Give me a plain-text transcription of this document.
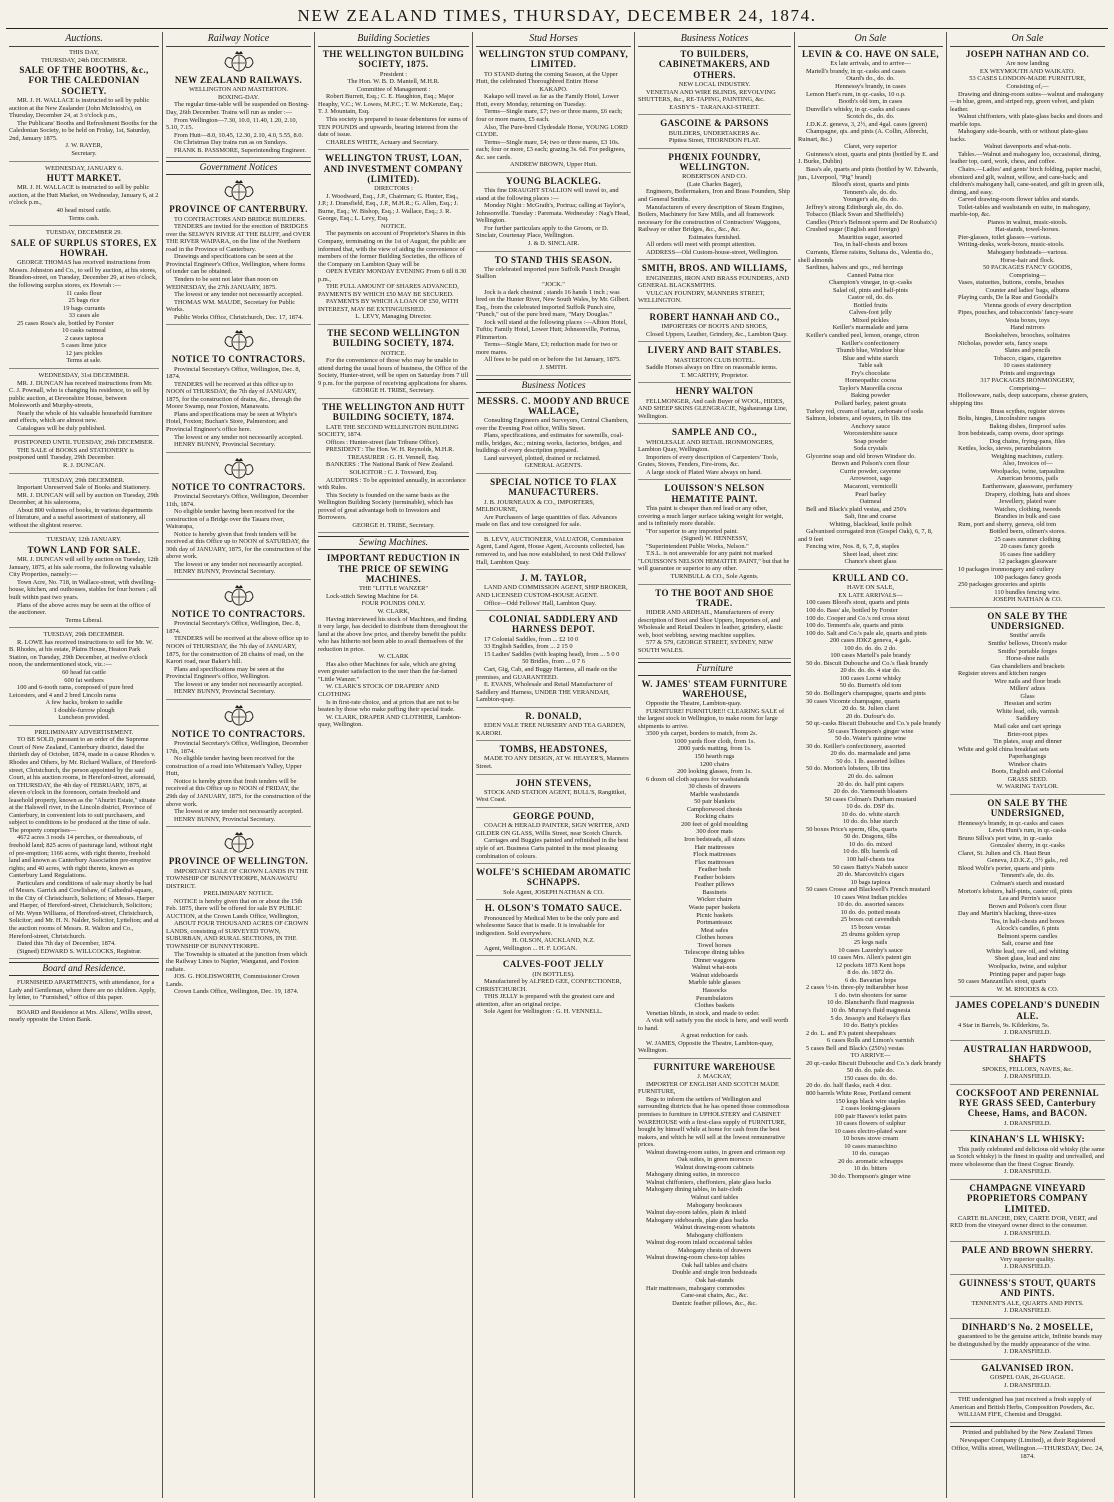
NEW ZEALAND TIMES, THURSDAY, DECEMBER 24, 1874.
Auctions.
THIS DAY,
THURSDAY, 24th DECEMBER.
SALE OF THE BOOTHS, &c., FOR THE CALEDONIAN SOCIETY.
MR. J. H. WALLACE is instructed to sell by public auction at the New Zealander (John McIntosh's), on Thursday, December 24, at 3 o'clock p.m.,
The Publicans' Booths and Refreshment Booths for the Caledonian Society, to be held on Friday, 1st, Saturday, 2nd, January 1875.
J. W. RAYER,
Secretary.
WEDNESDAY, JANUARY 6.
HUTT MARKET.
MR. J. H. WALLACE is instructed to sell by public auction, at the Hutt Market, on Wednesday, January 6, at 2 o'clock p.m.,
40 head mixed cattle.
Terms cash.
TUESDAY, DECEMBER 29.
SALE OF SURPLUS STORES, EX HOWRAH.
GEORGE THOMAS has received instructions from Messrs. Johnston and Co., to sell by auction, at his stores, Brandon-street, on Tuesday, December 29, at two o'clock, the following surplus stores, ex Howrah :—
11 casks flour
25 bags rice
19 bags currants
33 cases ale
25 cases Ross's ale, bottled by Forster
10 casks oatmeal
2 cases tapioca
5 cases lime juice
12 jars pickles
Terms at sale.
WEDNESDAY, 31st DECEMBER.
MR. J. DUNCAN has received instructions from Mr. C. J. Pownall, who is changing his residence, to sell by public auction, at Devonshire House, between Molesworth and Murphy-streets,
Nearly the whole of his valuable household furniture and effects, which are almost new.
Catalogues will be duly published.
POSTPONED UNTIL TUESDAY, 29th DECEMBER.
THE SALE of BOOKS and STATIONERY is postponed until Tuesday, 29th December.
R. J. DUNCAN.
TUESDAY, 29th DECEMBER.
Important Unreserved Sale of Books and Stationery.
MR. J. DUNCAN will sell by auction on Tuesday, 29th December, at his salerooms,
About 800 volumes of books, in various departments of literature, and a useful assortment of stationery, all without the slightest reserve.
TUESDAY, 12th JANUARY.
TOWN LAND FOR SALE.
MR. J. DUNCAN will sell by auction on Tuesday, 12th January, 1875, at his sale rooms, the following valuable City Properties, namely:—
Town Acre, No. 718, in Wallace-street, with dwelling-house, kitchen, and outhouses, stables for four horses ; all built within past two years.
Plans of the above acres may be seen at the office of the auctioneer.
Terms Liberal.
TUESDAY, 29th DECEMBER.
R. LOWE has received instructions to sell for Mr. W. B. Rhodes, at his estate, Plains House, Heaton Park Station, on Tuesday, 29th December, at twelve o'clock noon, the undermentioned stock, viz.:—
60 head fat cattle
600 fat wethers
100 and 6-tooth rams, composed of pure bred Leicesters, and 4 and 2 bred Lincoln rams
A few hacks, broken to saddle
1 double-furrow plough
Luncheon provided.
PRELIMINARY ADVERTISEMENT.
TO BE SOLD, pursuant to an order of the Supreme Court of New Zealand, Canterbury district, dated the thirtieth day of October, 1874, made in a cause Rhodes v. Rhodes and Others, by Mr. Richard Wallace, of Hereford-street, Christchurch, the person appointed by the said Court, at his auction rooms, in Hereford-street, aforesaid, on THURSDAY, the 4th day of FEBRUARY, 1875, at eleven o'clock in the forenoon, certain freehold and leasehold property, known as the "Ahuriri Estate," situate at the Halswell river, in the Lincoln district, Province of Canterbury, in convenient lots to suit purchasers, and subject to conditions to be produced at the time of sale. The property comprises—
4672 acres 3 roods 14 perches, or thereabouts, of freehold land; 825 acres of pasturage land, without right of pre-emption; 1166 acres, with right thereto, freehold land and known as Canterbury Association pre-emptive rights; and 40 acres, with right thereto, known as Canterbury Land Regulations.
Particulars and conditions of sale may shortly be had of Messrs. Garrick and Cowlishaw, of Cathedral-square, in the City of Christchurch, Solicitors; of Messrs. Harper and Harper, of Hereford-street, Christchurch, Solicitors; of Mr. Wynn Williams, of Hereford-street, Christchurch, Solicitor; and Mr. H. N. Nalder, Solicitor, Lyttelton; and at the auction rooms of Messrs. R. Walton and Co., Hereford-street, Christchurch.
Dated this 7th day of December, 1874.
(Signed) EDWARD S. WILLCOCKS, Registrar.
Board and Residence.
FURNISHED APARTMENTS, with attendance, for a Lady and Gentleman, where there are no children. Apply, by letter, to "Furnished," office of this paper.
BOARD and Residence at Mrs. Allens', Willis street, nearly opposite the Union Bank.
Railway Notice
NEW ZEALAND RAILWAYS.
WELLINGTON AND MASTERTON.
BOXING-DAY.
The regular time-table will be suspended on Boxing-Day, 26th December. Trains will run as under :—
From Wellington—7.30, 10.0, 11.40, 1.20, 2.10, 5.10, 7.15.
From Hutt—8.0, 10.45, 12.30, 2.10, 4.0, 5.55, 8.0.
On Christmas Day trains run as on Sundays.
FRANK B. PASSMORE, Superintending Engineer.
Government Notices
PROVINCE OF CANTERBURY.
TO CONTRACTORS AND BRIDGE BUILDERS.
TENDERS are invited for the erection of BRIDGES over the SELWYN RIVER AT THE BLUFF, and OVER THE RIVER WAIPARA, on the line of the Northern road in the Province of Canterbury.
Drawings and specifications can be seen at the Provincial Engineer's Office, Wellington, where forms of tender can be obtained.
Tenders to be sent not later than noon on WEDNESDAY, the 27th JANUARY, 1875.
The lowest or any tender not necessarily accepted.
THOMAS WM. MAUDE, Secretary for Public Works.
Public Works Office, Christchurch, Dec. 17, 1874.
NOTICE TO CONTRACTORS.
Provincial Secretary's Office, Wellington, Dec. 8, 1874.
TENDERS will be received at this office up to NOON of THURSDAY, the 7th day of JANUARY, 1875, for the construction of drains, &c., through the Moore Swamp, near Foxton, Manawatu.
Plans and specifications may be seen at Whyte's Hotel, Foxton; Buchan's Store, Palmerston; and Provincial Engineer's office here.
The lowest or any tender not necessarily accepted.
HENRY BUNNY, Provincial Secretary.
NOTICE TO CONTRACTORS.
Provincial Secretary's Office, Wellington, December 11th, 1874.
No eligible tender having been received for the construction of a Bridge over the Tauaru river, Wairarapa,
Notice is hereby given that fresh tenders will be received at this Office up to NOON of SATURDAY, the 30th day of JANUARY, 1875, for the construction of the above work.
The lowest or any tender not necessarily accepted.
HENRY BUNNY, Provincial Secretary.
NOTICE TO CONTRACTORS.
Provincial Secretary's Office, Wellington, Dec. 8, 1874.
TENDERS will be received at the above office up to NOON of THURSDAY, the 7th day of JANUARY, 1875, for the construction of 28 chains of road, on the Karori road, near Baker's hill.
Plans and specifications may be seen at the Provincial Engineer's office, Wellington.
The lowest or any tender not necessarily accepted.
HENRY BUNNY, Provincial Secretary.
NOTICE TO CONTRACTORS.
Provincial Secretary's Office, Wellington, December 17th, 1874.
No eligible tender having been received for the construction of a road into Whiteman's Valley, Upper Hutt,
Notice is hereby given that fresh tenders will be received at this Office up to NOON of FRIDAY, the 29th day of JANUARY, 1875, for the construction of the above work.
The lowest or any tender not necessarily accepted.
HENRY BUNNY, Provincial Secretary.
PROVINCE OF WELLINGTON.
IMPORTANT SALE OF CROWN LANDS IN THE TOWNSHIP OF BUNNYTHORPE, MANAWATU DISTRICT.
PRELIMINARY NOTICE.
NOTICE is hereby given that on or about the 15th Feb. 1875, there will be offered for sale BY PUBLIC AUCTION, at the Crown Lands Office, Wellington,
ABOUT FOUR THOUSAND ACRES OF CROWN LANDS, consisting of SURVEYED TOWN, SUBURBAN, AND RURAL SECTIONS, IN THE TOWNSHIP OF BUNNYTHORPE.
The Township is situated at the junction from which the Railway Lines to Napier, Wanganui, and Foxton radiate.
JOS. G. HOLDSWORTH, Commissioner Crown Lands.
Crown Lands Office, Wellington, Dec. 19, 1874.
Building Societies
THE WELLINGTON BUILDING SOCIETY, 1875.
President :
The Hon. W. B. D. Mantell, M.H.R.
Committee of Management :
Robert Burrett, Esq.; C. E. Haughton, Esq.; Major Heaphy, V.C.; W. Lowes, M.P.C.; T. W. McKenzie, Esq.; T. J. Mountain, Esq.
This society is prepared to issue debentures for sums of TEN POUNDS and upwards, bearing interest from the date of issue.
CHARLES WHITE, Actuary and Secretary.
WELLINGTON TRUST, LOAN, AND INVESTMENT COMPANY (LIMITED).
DIRECTORS :
J. Woodward, Esq., J.P., Chairman; G. Hunter, Esq., J.P.; J. Dransfield, Esq., J.P., M.H.R.; G. Allen, Esq.; J. Burne, Esq.; W. Bishop, Esq.; J. Wallace, Esq.; J. R. George, Esq.; L. Levy, Esq.
NOTICE.
The payments on account of Proprietor's Shares in this Company, terminating on the 1st of August, the public are informed that, with the view of aiding the convenience of members of the former Building Societies, the offices of the Company on Lambton Quay will be
OPEN EVERY MONDAY EVENING From 6 till 8.30 p.m.,
THE FULL AMOUNT OF SHARES ADVANCED, PAYMENTS BY WHICH £50 MAY BE SECURED.
PAYMENTS BY WHICH A LOAN OF £50, WITH INTEREST, MAY BE EXTINGUISHED.
L. LEVY, Managing Director.
THE SECOND WELLINGTON BUILDING SOCIETY, 1874.
NOTICE.
For the convenience of those who may be unable to attend during the usual hours of business, the Office of the Society, Hunter-street, will be open on Saturday from 7 till 9 p.m. for the purpose of receiving applications for shares.
GEORGE H. TRIBE, Secretary.
THE WELLINGTON AND HUTT BUILDING SOCIETY, 1874.
LATE THE SECOND WELLINGTON BUILDING SOCIETY, 1874.
Offices : Hunter-street (late Tribune Office).
PRESIDENT : The Hon. W. H. Reynolds, M.H.R.
TREASURER : G. H. Vennell, Esq.
BANKERS : The National Bank of New Zealand.
SOLICITOR : C. J. Toxward, Esq.
AUDITORS : To be appointed annually, in accordance with Rules.
This Society is founded on the same basis as the Wellington Building Society (terminable), which has proved of great advantage both to Investors and Borrowers.
GEORGE H. TRIBE, Secretary.
Sewing Machines.
IMPORTANT REDUCTION IN THE PRICE OF SEWING MACHINES.
THE "LITTLE WANZER"
Lock-stitch Sewing Machine for £4.
FOUR POUNDS ONLY.
W. CLARK,
Having interviewed his stock of Machines, and finding it very large, has decided to distribute them throughout the land at the above low price, and thereby benefit the public who has hitherto not been able to avail themselves of the reduction in price.
W. CLARK
Has also other Machines for sale, which are giving even greater satisfaction to the user than the far-famed "Little Wanzer."
W. CLARK'S STOCK OF DRAPERY AND CLOTHING
Is in first-rate choice, and at prices that are not to be beaten by those who make puffing their special trade.
W. CLARK, DRAPER AND CLOTHIER, Lambton-quay, Wellington.
Stud Horses
WELLINGTON STUD COMPANY, LIMITED.
TO STAND during the coming Season, at the Upper Hutt, the celebrated Thoroughbred Entire Horse
KAKAPO.
Kakapo will travel as far as the Family Hotel, Lower Hutt, every Monday, returning on Tuesday.
Terms—Single mare, £7; two or three mares, £6 each; four or more mares, £5 each.
Also, The Pure-bred Clydesdale Horse, YOUNG LORD CLYDE.
Terms—Single mare, £4; two or three mares, £3 10s. each; four or more, £3 each; grazing 3s. 6d. For pedigrees, &c. see cards.
ANDREW BROWN, Upper Hutt.
YOUNG BLACKLEG.
This fine DRAUGHT STALLION will travel to, and stand at the following places :—
Monday Night : McGrath's, Porirua; calling at Taylor's, Johnsonville. Tuesday : Paremata. Wednesday : Nag's Head, Wellington.
For further particulars apply to the Groom, or D. Sinclair, Courtenay Place, Wellington.
J. & D. SINCLAIR.
TO STAND THIS SEASON.
The celebrated imported pure Suffolk Punch Draught Stallion
"JOCK."
Jock is a dark chestnut ; stands 16 hands 1 inch ; was bred on the Hunter River, New South Wales, by Mr. Gilbert. Esq., from the celebrated imported Suffolk Punch sire, "Punch," out of the pure bred mare, "Mary Douglas."
Jock will stand at the following places :—Albion Hotel, Tuftis; Family Hotel, Lower Hutt; Johnsonville, Porirua, Plimmerton.
Terms—Single Mare, £3; reduction made for two or more mares.
All fees to be paid on or before the 1st January, 1875.
J. SMITH.
Business Notices
MESSRS. C. MOODY AND BRUCE WALLACE,
Consulting Engineers and Surveyors, Central Chambers, over the Evening Post office, Willis Street.
Plans, specifications, and estimates for sawmills, coal-mills, bridges, &c.; mining works, factories, bridges, and buildings of every description prepared.
Land surveyed, plotted, drained or reclaimed.
GENERAL AGENTS.
SPECIAL NOTICE TO FLAX MANUFACTURERS.
J. B. JOURNEAUX & CO., IMPORTERS, MELBOURNE,
Are Purchasers of large quantities of flax. Advances made on flax and tow consigned for sale.
B. LEVY, AUCTIONEER, VALUATOR, Commission Agent, Land Agent, House Agent, Accounts collected, has removed to, and has now established, to next Odd Fellows' Hall, Lambton Quay.
J. M. TAYLOR,
LAND AND COMMISSION AGENT, SHIP BROKER, AND LICENSED CUSTOM-HOUSE AGENT.
Office—Odd Fellows' Hall, Lambton Quay.
COLONIAL SADDLERY AND HARNESS DEPOT.
17 Colonial Saddles, from ... £2 10 0
33 English Saddles, from ... 2 15 0
15 Ladies' Saddles (with leaping head), from ... 5 0 0
50 Bridles, from ... 0 7 6
Cart, Gig, Cab, and Buggy Harness, all made on the premises, and GUARANTEED.
E. EVANS, Wholesale and Retail Manufacturer of Saddlery and Harness, UNDER THE VERANDAH, Lambton-quay.
R. DONALD,
EDEN VALE TREE NURSERY AND TEA GARDEN, KARORI.
TOMBS, HEADSTONES,
MADE TO ANY DESIGN, AT W. HEAYER'S, Manners Street.
JOHN STEVENS,
STOCK AND STATION AGENT, BULL'S, Rangitikei, West Coast.
GEORGE POUND,
COACH & HERALD PAINTER, SIGN WRITER, AND GILDER ON GLASS, Willis Street, near Scotch Church.
Carriages and Buggies painted and refinished in the best style of art. Business Carts painted in the most pleasing combination of colours.
WOLFE'S SCHIEDAM AROMATIC SCHNAPPS.
Sole Agent, JOSEPH NATHAN & CO.
H. OLSON'S TOMATO SAUCE.
Pronounced by Medical Men to be the only pure and wholesome Sauce that is made. It is invaluable for indigestion. Sold everywhere.
H. OLSON, AUCKLAND, N.Z.
Agent, Wellington ... H. F. LOGAN.
CALVES-FOOT JELLY
(IN BOTTLES).
Manufactured by ALFRED GEE, CONFECTIONER, CHRISTCHURCH.
THIS JELLY is prepared with the greatest care and attention, after an original recipe.
Sole Agent for Wellington : G. H. VENNELL.
Business Notices
TO BUILDERS, CABINETMAKERS, AND OTHERS.
NEW LOCAL INDUSTRY.
VENETIAN AND WIRE BLINDS, REVOLVING SHUTTERS, &c., RE-TAPING, PAINTING, &c.
EASBY'S - TARANAKI-STREET.
GASCOINE & PARSONS
BUILDERS, UNDERTAKERS &c.
Pipitea Street, THORNDON FLAT.
PHŒNIX FOUNDRY, WELLINGTON.
ROBERTSON AND CO.
(Late Charles Bager),
Engineers, Boilermakers, Iron and Brass Founders, Ship and General Smiths.
Manufacturers of every description of Steam Engines, Boilers, Machinery for Saw Mills, and all framework necessary for the construction of Contractors' Waggons, Railway or other Bridges, &c., &c., &c.
Estimates furnished.
All orders will meet with prompt attention.
ADDRESS—Old Custom-house-street, Wellington.
SMITH, BROS. AND WILLIAMS,
ENGINEERS, IRON AND BRASS FOUNDERS, AND GENERAL BLACKSMITHS.
VULCAN FOUNDRY, MANNERS STREET, WELLINGTON.
ROBERT HANNAH AND CO.,
IMPORTERS OF BOOTS AND SHOES,
Closed Uppers, Leather, Grindery, &c., Lambton Quay.
LIVERY AND BAIT STABLES.
MASTERTON CLUB HOTEL.
Saddle Horses always on Hire on reasonable terms.
T. MCARTHY, Proprietor.
HENRY WALTON
FELLMONGER, And cash Buyer of WOOL, HIDES, AND SHEEP SKINS GLENGRACIE, Ngahauranga Line, Wellington.
SAMPLE AND CO.,
WHOLESALE AND RETAIL IRONMONGERS, Lambton Quay, Wellington.
Importers of every description of Carpenters' Tools, Grates, Stoves, Fenders, Fire-irons, &c.
A large stock of Plated Ware always on hand.
LOUISSON'S NELSON HEMATITE PAINT.
This paint is cheaper than red lead or any other, covering a much larger surface taking weight for weight, and is infinitely more durable.
"For superior to any imported paint.
(Signed) W. HENNESSY,
"Superintendent Public Works, Nelson."
T.S.L. is not answerable for any paint not marked "LOUISSON'S NELSON HEMATITE PAINT," but that he will guarantee or superior to any other.
TURNBULL & CO., Sole Agents.
TO THE BOOT AND SHOE TRADE.
HIDER AND ARDHAIL, Manufacturers of every description of Boot and Shoe Uppers, Importers of, and Wholesale and Retail Dealers in leather, grindery, elastic web, boot webbing, sewing machine supplies.
577 & 579, GEORGE STREET, SYDNEY, NEW SOUTH WALES.
Furniture
W. JAMES' STEAM FURNITURE WAREHOUSE,
Opposite the Theatre, Lambton-quay.
FURNITURE! FURNITURE!! CLEARING SALE of the largest stock in Wellington, to make room for large shipments to arrive.
3500 yds carpet, borders to match, from 2s.
1000 yards floor cloth, from 1s.
2000 yards matting, from 1s.
150 hearth rugs
1200 chairs
200 looking glasses, from 1s.
6 dozen oil cloth squares for washstands
30 chests of drawers
Marble washstands
50 pair blankets
Camphorwood chests
Rocking chairs
200 feet of gold moulding
300 door mats
Iron bedsteads, all sizes
Hair mattresses
Flock mattresses
Flax mattresses
Feather beds
Feather bolsters
Feather pillows
Bassinets
Wicker chairs
Waste paper baskets
Picnic baskets
Portmanteaux
Meat safes
Clothes horses
Towel horses
Telescope dining tables
Dinner waggons
Walnut what-nots
Walnut sideboards
Marble table glasses
Hassocks
Perambulators
Clothes baskets
Venetian blinds, in stock, and made to order.
A visit will satisfy you the stock is here, and well worth to hand.
A great reduction for cash.
W. JAMES, Opposite the Theatre, Lambton-quay, Wellington.
FURNITURE WAREHOUSE
J. MACKAY,
IMPORTER OF ENGLISH AND SCOTCH MADE FURNITURE,
Begs to inform the settlers of Wellington and surrounding districts that he has opened those commodious premises to furniture in UPHOLSTERY and CABINET WAREHOUSE with a first-class supply of FURNITURE, bought by himself while at home for cash from the best makers, and which he will sell at the lowest remunerative prices.
Walnut drawing-room suites, in green and crimson rep
Oak suites, in green morocco
Walnut drawing-room cabinets
Mahogany dining suites, in morocco
Walnut chiffoniers, cheffoniers, plate glass backs
Mahogany dining tables, in hair-cloth
Walnut card tables
Mahogany bookcases
Walnut day-room tables, plain & inlaid
Mahogany sideboards, plate glass backs
Walnut drawing-room whatnots
Mahogany chiffoniers
Walnut dog-room inlaid occasional tables
Mahogany chests of drawers
Walnut drawing-room chess-top tables
Oak hall tables and chairs
Double and single iron bedsteads
Oak hat-stands
Hair mattresses, mahogany commodes
Cane-seat chairs, &c., &c.
Dantzic feather pillows, &c., &c.
On Sale
LEVIN & CO. HAVE ON SALE,
Ex late arrivals, and to arrive—
Martell's brandy, in qr.-casks and cases
Otard's do., do. do.
Hennessy's brandy, in cases
Lemon Hart's rum, in qr.-casks, 10 o.p.
Booth's old tom, in cases
Dunville's whisky, in qr.-casks and cases
Scotch do., do. do.
J.D.K.Z. geneva, 3, 2½, and 4gal. cases (green)
Champagne, qts. and pints (A. Collin, Albrecht, Ruinart, &c.)
Claret, very superior
Guinness's stout, quarts and pints (bottled by E. and J. Burke, Dublin)
Bass's ale, quarts and pints (bottled by W. Edwards, jun., Liverpool, "Pig" brand)
Blood's stout, quarts and pints
Tennent's ale, do. do.
Younger's ale, do. do.
Jeffrey's strong Edinburgh ale, do. do.
Tobacco (Black Swan and Sheffield's)
Candles (Price's Belmont sperm and De Roubaix's)
Crushed sugar (English and foreign)
Mauritius sugar, assorted
Tea, in half-chests and boxes
Currants, Eleme raisins, Sultana do., Valentia do., shell almonds
Sardines, halves and qrs., red herrings
Canned Patna rice
Champion's vinegar, in qr.-casks
Salad oil, pints and half-pints
Castor oil, do. do.
Bottled fruits
Calves-foot jelly
Mixed pickles
Keiller's marmalade and jams
Keiller's candied peel, lemon, orange, citron
Keiller's confectionery
Thumb blue, Windsor blue
Blue and white starch
Table salt
Fry's chocolate
Homeopathic cocoa
Taylor's Maravilla cocoa
Baking powder
Pollard barley, patent groats
Turkey red, cream of tartar, carbonate of soda
Salmon, lobsters, and oysters, in 1lb. tins
Anchovy sauce
Worcestershire sauce
Soap powder
Soda crystals
Glycerine soap and old brown Windsor do.
Brown and Polson's corn flour
Currie powder, cayenne
Arrowroot, sago
Macaroni, vermicelli
Pearl barley
Oatmeal
Bell and Black's plaid vestas, and 250's
Salt, fine and coarse
Whiting, blacklead, knife polish
Galvanised corrugated iron (Gospel Oak), 6, 7, 8, and 9 feet
Fencing wire, Nos. 8, 6, 7, 8, staples
Sheet lead, sheet zinc
Chance's sheet glass
KRULL AND CO.
HAVE ON SALE,
EX LATE ARRIVALS—
100 cases Blood's stout, quarts and pints
100 do. Bass' ale, bottled by Forster
100 do. Cooper and Co.'s red cross stout
100 do. Tennent's ale, quarts and pints
100 do. Salt and Co.'s pale ale, quarts and pints
200 cases JDKZ geneva, 4 gals.
100 do. do. do. 2 do.
100 cases Martell's pale brandy
50 do. Biscuit Dubouche and Co.'s flask brandy
20 do. do. do. 4 star do.
100 cases Lorne whisky
50 do. Burnett's old tom
50 do. Bollinger's champagne, quarts and pints
30 cases Vicomte champagne, quarts
20 do. St. Julien claret
20 do. Dufour's do.
50 qr.-casks Biscuit Dubouche and Co.'s pale brandy
50 cases Thompson's ginger wine
50 do. Water's quinine wine
30 do. Keiller's confectionery, assorted
20 do. do. marmalade and jams
50 do. 1 lb. assorted lollies
50 do. Morton's lobsters, 1lb tins
20 do. do. salmon
20 do. do. half pint capers
20 do. do. Yarmouth bloaters
50 cases Colman's Durham mustard
10 do. do. DSF do.
10 do. do. white starch
10 do. do. blue starch
50 boxes Price's sperm, 6lbs, quarts
50 do. Dragons, 6lbs
10 do. do. mixed
10 do. 8lb. barrels oil
100 half-chests tea
50 cases Batty's Nabob sauce
20 do. Marcovitch's cigars
10 bags tapioca
50 cases Crosse and Blackwell's French mustard
10 cases West Indian pickles
10 do. do. assorted sauces
10 do. do. potted meats
25 boxes cut cavendish
15 boxes vestas
25 drums golden syrup
25 kegs nails
10 cases Lazenby's sauce
10 cases Mrs. Allen's patent gin
12 pockets 1873 Kent hops
8 do. do. 1872 do.
6 do. Bavarian hops
2 cases ½-in. three-ply indiarubber hose
1 do. twin shooters for same
10 do. Blanchard's fluid magnesia
10 do. Murray's fluid magnesia
5 do. Jessop's and Kelsey's flax
10 do. Batty's pickles
2 do. L. and P.'s patent sheepshears
6 cases Rolls and Limon's varnish
5 cases Bell and Black's (250's) vestas
TO ARRIVE—
20 qr.-casks Biscuit Dubouche and Co.'s dark brandy
50 do. do. pale do.
150 cases do. do. do.
20 do. do. half flasks, each 4 doz.
800 barrels White Rose, Portland cement
150 kegs black wire staples
2 cases looking-glasses
100 pair Hawes's toilet pairs
10 cases flowers of sulphur
10 cases electro-plated ware
10 boxes stove cream
10 cases maraschino
10 do. curaçao
20 do. aromatic schnapps
10 do. bitters
30 do. Thompson's ginger wine
On Sale
JOSEPH NATHAN AND CO.
Are now landing
EX WEYMOUTH AND WAIKATO.
53 CASES LONDON-MADE FURNITURE,
Consisting of,—
Drawing and dining-room suites—walnut and mahogany—in blue, green, and striped rep, green velvet, and plain leather.
Walnut chiffoniers, with plate-glass backs and doors and marble tops.
Mahogany side-boards, with or without plate-glass backs.
Walnut davenports and what-nots.
Tables.—Walnut and mahogany loo, occasional, dining, leather top, card, work, chess, and coffee.
Chairs.—Ladies' and gents' birch folding, papier maché, ebonized and gilt, walnut, willow, and cane-back; and children's mahogany hall, cane-seated, and gilt in green silk, dining, and easy.
Carved drawing-room flower tables and stands.
Toilet-tables and washstands en suite, in mahogany, marble-top, &c.
Pianos in walnut, music-stools.
Hat-stands, towel-horses.
Pier-glasses, toilet glasses—various.
Writing-desks, work-boxes, music-stools.
Mahogany bedsteads—various.
Horse-hair and flock.
50 PACKAGES FANCY GOODS,
Comprising—
Vases, statuettes, buttons, combs, brushes
Counter and ladies' bags, albums
Playing cards, De la Rue and Goodall's
Vienna goods of every description
Pipes, pouches, and tobacconists' fancy-ware
Vesta boxes, toys
Hand mirrors
Bookshelves, brooches, solitaires
Nicholas, powder sets, fancy soaps
Slates and pencils
Tobacco, cigars, cigarettes
10 cases stationery
Prints and engravings
317 PACKAGES IRONMONGERY,
Comprising—
Hollowware, nails, deep saucepans, cheese graters, shipping tins
Brass scythes, register stoves
Bolts, hinges, Lincolnshire ranges
Baking dishes, fireproof safes
Iron bedsteads, camp ovens, door springs
Dog chains, frying-pans, files
Kettles, locks, sieves, perambulators
Weighing machines, cutlery.
Also, Invoices of—
Woolpacks, twine, tarpaulins
American brooms, pails
Earthenware, glassware, perfumery
Drapery, clothing, hats and shoes
Jewellery, plated ware
Watches, clothing, tweeds
Brandies in bulk and case
Rum, port and sherry, geneva, old tom
Bottled beers, oilmen's stores.
25 cases summer clothing
20 cases fancy goods
16 cases fine saddlery
12 packages glassware
10 packages ironmongery and cutlery
100 packages fancy goods
250 packages groceries and spirits
110 bundles fencing wire.
JOSEPH NATHAN & CO.
ON SALE BY THE UNDERSIGNED.
Smiths' anvils
Smiths' bellows, Dixon's make
Smiths' portable forges
Horse-shoe nails
Gas chandeliers and brackets
Register stoves and kitchen ranges
Wire nails and floor brads
Millers' adzes
Glass
Hessian and scrim
White lead, oils, varnish
Saddlery
Mail cake and cart springs
Brier-root pipes
Tin plates, soap and dinner
White and gold china breakfast sets
Paperhangings
Windsor chairs
Boots, English and Colonial
GRASS SEED.
W. WARING TAYLOR.
ON SALE BY THE UNDERSIGNED,
Hennessy's brandy, in qr.-casks and cases
Lewis Hunt's rum, in qr.-casks
Bruno Sillva's port wine, in qr.-casks
Gonzales' sherry, in qr.-casks
Claret, St. Julien and Ch. Haut Brun
Geneva, J.D.K.Z., 3½ gals., red
Blood Wolfe's porter, quarts and pints
Tennent's ale, do. do.
Colman's starch and mustard
Morton's lobsters, half-pints, castor oil, pints
Lea and Perrin's sauce
Brown and Polson's corn flour
Day and Martin's blacking, three-sizes
Tea, in half-chests and boxes
Alcock's candles, 6 pints
Belmont sperm candles
Salt, coarse and fine
White lead, raw oil, and whiting
Sheet glass, lead and zinc
Woolpacks, twine, and sulphur
Printing paper and paper bags
50 cases Manzanilla's stout, quarts
W. M. RHODES & CO.
JAMES COPELAND'S DUNEDIN ALE.
4 Star in Barrels, 9s. Kilderkins, 5s.
J. DRANSFIELD.
AUSTRALIAN HARDWOOD, SHAFTS
SPOKES, FELLOES, NAVES, &c.
J. DRANSFIELD.
COCKSFOOT AND PERENNIAL RYE GRASS SEED, Canterbury Cheese, Hams, and BACON.
J. DRANSFIELD.
KINAHAN'S LL WHISKY:
This justly celebrated and delicious old whisky (the same as Scotch whisky) is the finest in quality and unrivalled, and more wholesome than the finest Cognac Brandy.
J. DRANSFIELD.
CHAMPAGNE VINEYARD PROPRIETORS COMPANY LIMITED.
CARTE BLANCHE, DRY, CARTE D'OR, VERT, and RED from the vineyard owner direct to the consumer.
J. DRANSFIELD.
PALE AND BROWN SHERRY.
Very superior quality.
J. DRANSFIELD.
GUINNESS'S STOUT, QUARTS AND PINTS.
TENNENT'S ALE, QUARTS AND PINTS.
J. DRANSFIELD.
DINHARD'S No. 2 MOSELLE,
guaranteed to be the genuine article, Infinite brands may be distinguished by the muddy appearance of the wine.
J. DRANSFIELD.
GALVANISED IRON.
GOSPEL OAK, 26-GUAGE.
J. DRANSFIELD.
THE undersigned has just received a fresh supply of American and British Herbs, Composition Powders, &c.
WILLIAM FIFE, Chemist and Druggist.
Printed and published by the New Zealand Times Newspaper Company (Limited), at their Registered Office, Willis street, Wellington.—THURSDAY, Dec. 24, 1874.
